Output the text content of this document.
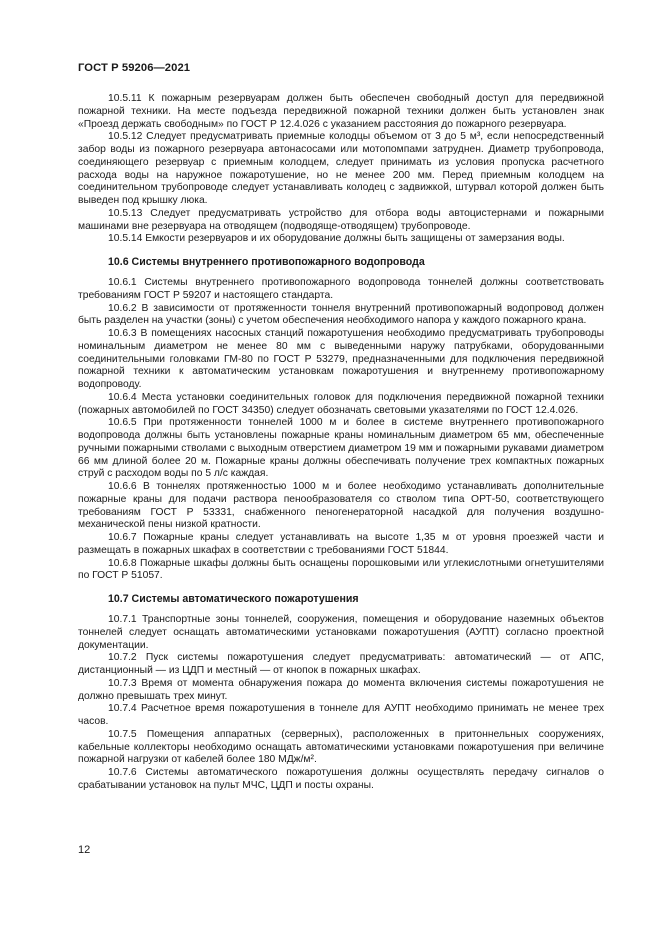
ГОСТ Р 59206—2021

10.5.11 К пожарным резервуарам должен быть обеспечен свободный доступ для передвижной пожарной техники. На месте подъезда передвижной пожарной техники должен быть установлен знак «Проезд держать свободным» по ГОСТ Р 12.4.026 с указанием расстояния до пожарного резервуара.

10.5.12 Следует предусматривать приемные колодцы объемом от 3 до 5 м³, если непосредственный забор воды из пожарного резервуара автонасосами или мотопомпами затруднен. Диаметр трубопровода, соединяющего резервуар с приемным колодцем, следует принимать из условия пропуска расчетного расхода воды на наружное пожаротушение, но не менее 200 мм. Перед приемным колодцем на соединительном трубопроводе следует устанавливать колодец с задвижкой, штурвал которой должен быть выведен под крышку люка.

10.5.13 Следует предусматривать устройство для отбора воды автоцистернами и пожарными машинами вне резервуара на отводящем (подводяще-отводящем) трубопроводе.

10.5.14 Емкости резервуаров и их оборудование должны быть защищены от замерзания воды.

10.6 Системы внутреннего противопожарного водопровода

10.6.1 Системы внутреннего противопожарного водопровода тоннелей должны соответствовать требованиям ГОСТ Р 59207 и настоящего стандарта.

10.6.2 В зависимости от протяженности тоннеля внутренний противопожарный водопровод должен быть разделен на участки (зоны) с учетом обеспечения необходимого напора у каждого пожарного крана.

10.6.3 В помещениях насосных станций пожаротушения необходимо предусматривать трубопроводы номинальным диаметром не менее 80 мм с выведенными наружу патрубками, оборудованными соединительными головками ГМ-80 по ГОСТ Р 53279, предназначенными для подключения передвижной пожарной техники к автоматическим установкам пожаротушения и внутреннему противопожарному водопроводу.

10.6.4 Места установки соединительных головок для подключения передвижной пожарной техники (пожарных автомобилей по ГОСТ 34350) следует обозначать световыми указателями по ГОСТ 12.4.026.

10.6.5 При протяженности тоннелей 1000 м и более в системе внутреннего противопожарного водопровода должны быть установлены пожарные краны номинальным диаметром 65 мм, обеспеченные ручными пожарными стволами с выходным отверстием диаметром 19 мм и пожарными рукавами диаметром 66 мм длиной более 20 м. Пожарные краны должны обеспечивать получение трех компактных пожарных струй с расходом воды по 5 л/с каждая.

10.6.6 В тоннелях протяженностью 1000 м и более необходимо устанавливать дополнительные пожарные краны для подачи раствора пенообразователя со стволом типа ОРТ-50, соответствующего требованиям ГОСТ Р 53331, снабженного пеногенераторной насадкой для получения воздушно-механической пены низкой кратности.

10.6.7 Пожарные краны следует устанавливать на высоте 1,35 м от уровня проезжей части и размещать в пожарных шкафах в соответствии с требованиями ГОСТ 51844.

10.6.8 Пожарные шкафы должны быть оснащены порошковыми или углекислотными огнетушителями по ГОСТ Р 51057.

10.7 Системы автоматического пожаротушения

10.7.1 Транспортные зоны тоннелей, сооружения, помещения и оборудование наземных объектов тоннелей следует оснащать автоматическими установками пожаротушения (АУПТ) согласно проектной документации.

10.7.2 Пуск системы пожаротушения следует предусматривать: автоматический — от АПС, дистанционный — из ЦДП и местный — от кнопок в пожарных шкафах.

10.7.3 Время от момента обнаружения пожара до момента включения системы пожаротушения не должно превышать трех минут.

10.7.4 Расчетное время пожаротушения в тоннеле для АУПТ необходимо принимать не менее трех часов.

10.7.5 Помещения аппаратных (серверных), расположенных в притоннельных сооружениях, кабельные коллекторы необходимо оснащать автоматическими установками пожаротушения при величине пожарной нагрузки от кабелей более 180 МДж/м².

10.7.6 Системы автоматического пожаротушения должны осуществлять передачу сигналов о срабатывании установок на пульт МЧС, ЦДП и посты охраны.

12
